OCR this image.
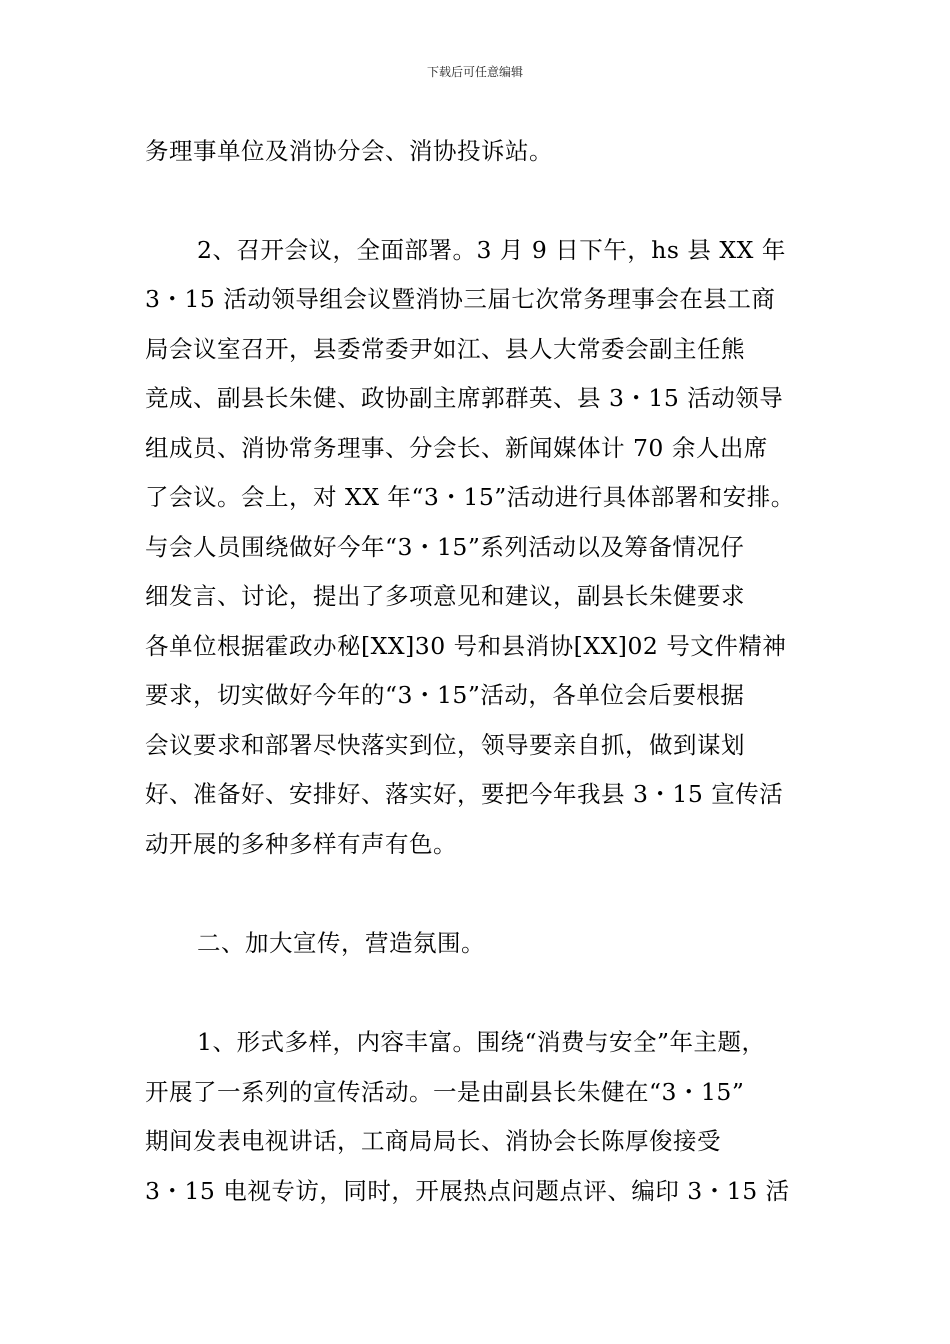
下载后可任意编辑
务理事单位及消协分会、消协投诉站。
2、召开会议，全面部署。3 月 9 日下午，hs 县 XX 年
3・15 活动领导组会议暨消协三届七次常务理事会在县工商
局会议室召开，县委常委尹如江、县人大常委会副主任熊
竞成、副县长朱健、政协副主席郭群英、县 3・15 活动领导
组成员、消协常务理事、分会长、新闻媒体计 70 余人出席
了会议。会上，对 XX 年“3・15”活动进行具体部署和安排。
与会人员围绕做好今年“3・15”系列活动以及筹备情况仔
细发言、讨论，提出了多项意见和建议，副县长朱健要求
各单位根据霍政办秘[XX]30 号和县消协[XX]02 号文件精神
要求，切实做好今年的“3・15”活动，各单位会后要根据
会议要求和部署尽快落实到位，领导要亲自抓，做到谋划
好、准备好、安排好、落实好，要把今年我县 3・15 宣传活
动开展的多种多样有声有色。
二、加大宣传，营造氛围。
1、形式多样，内容丰富。围绕“消费与安全”年主题，
开展了一系列的宣传活动。一是由副县长朱健在“3・15”
期间发表电视讲话，工商局局长、消协会长陈厚俊接受
3・15 电视专访，同时，开展热点问题点评、编印 3・15 活
